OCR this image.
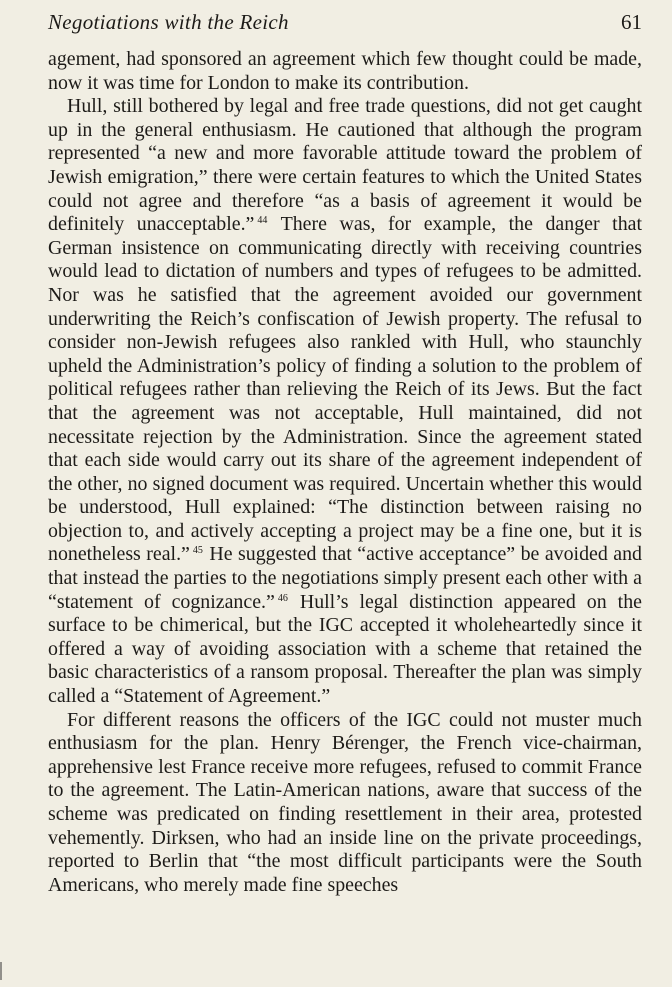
Negotiations with the Reich	61

agement, had sponsored an agreement which few thought could be made, now it was time for London to make its contribution.

Hull, still bothered by legal and free trade questions, did not get caught up in the general enthusiasm. He cautioned that although the program represented “a new and more favorable attitude toward the problem of Jewish emigration,” there were certain features to which the United States could not agree and therefore “as a basis of agreement it would be definitely unacceptable.” $^{44}$ There was, for example, the danger that German insistence on communicating directly with receiving countries would lead to dictation of numbers and types of refugees to be admitted. Nor was he satisfied that the agreement avoided our government underwriting the Reich’s confiscation of Jewish property. The refusal to consider non-Jewish refugees also rankled with Hull, who staunchly upheld the Administration’s policy of finding a solution to the problem of political refugees rather than relieving the Reich of its Jews. But the fact that the agreement was not acceptable, Hull maintained, did not necessitate rejection by the Administration. Since the agreement stated that each side would carry out its share of the agreement independent of the other, no signed document was required. Uncertain whether this would be understood, Hull explained: “The distinction between raising no objection to, and actively accepting a project may be a fine one, but it is nonetheless real.” $^{45}$ He suggested that “active acceptance” be avoided and that instead the parties to the negotiations simply present each other with a “statement of cognizance.” $^{46}$ Hull’s legal distinction appeared on the surface to be chimerical, but the IGC accepted it wholeheartedly since it offered a way of avoiding association with a scheme that retained the basic characteristics of a ransom proposal. Thereafter the plan was simply called a “Statement of Agreement.”

For different reasons the officers of the IGC could not muster much enthusiasm for the plan. Henry Bérenger, the French vice-chairman, apprehensive lest France receive more refugees, refused to commit France to the agreement. The Latin-American nations, aware that success of the scheme was predicated on finding resettlement in their area, protested vehemently. Dirksen, who had an inside line on the private proceedings, reported to Berlin that “the most difficult participants were the South Americans, who merely made fine speeches
